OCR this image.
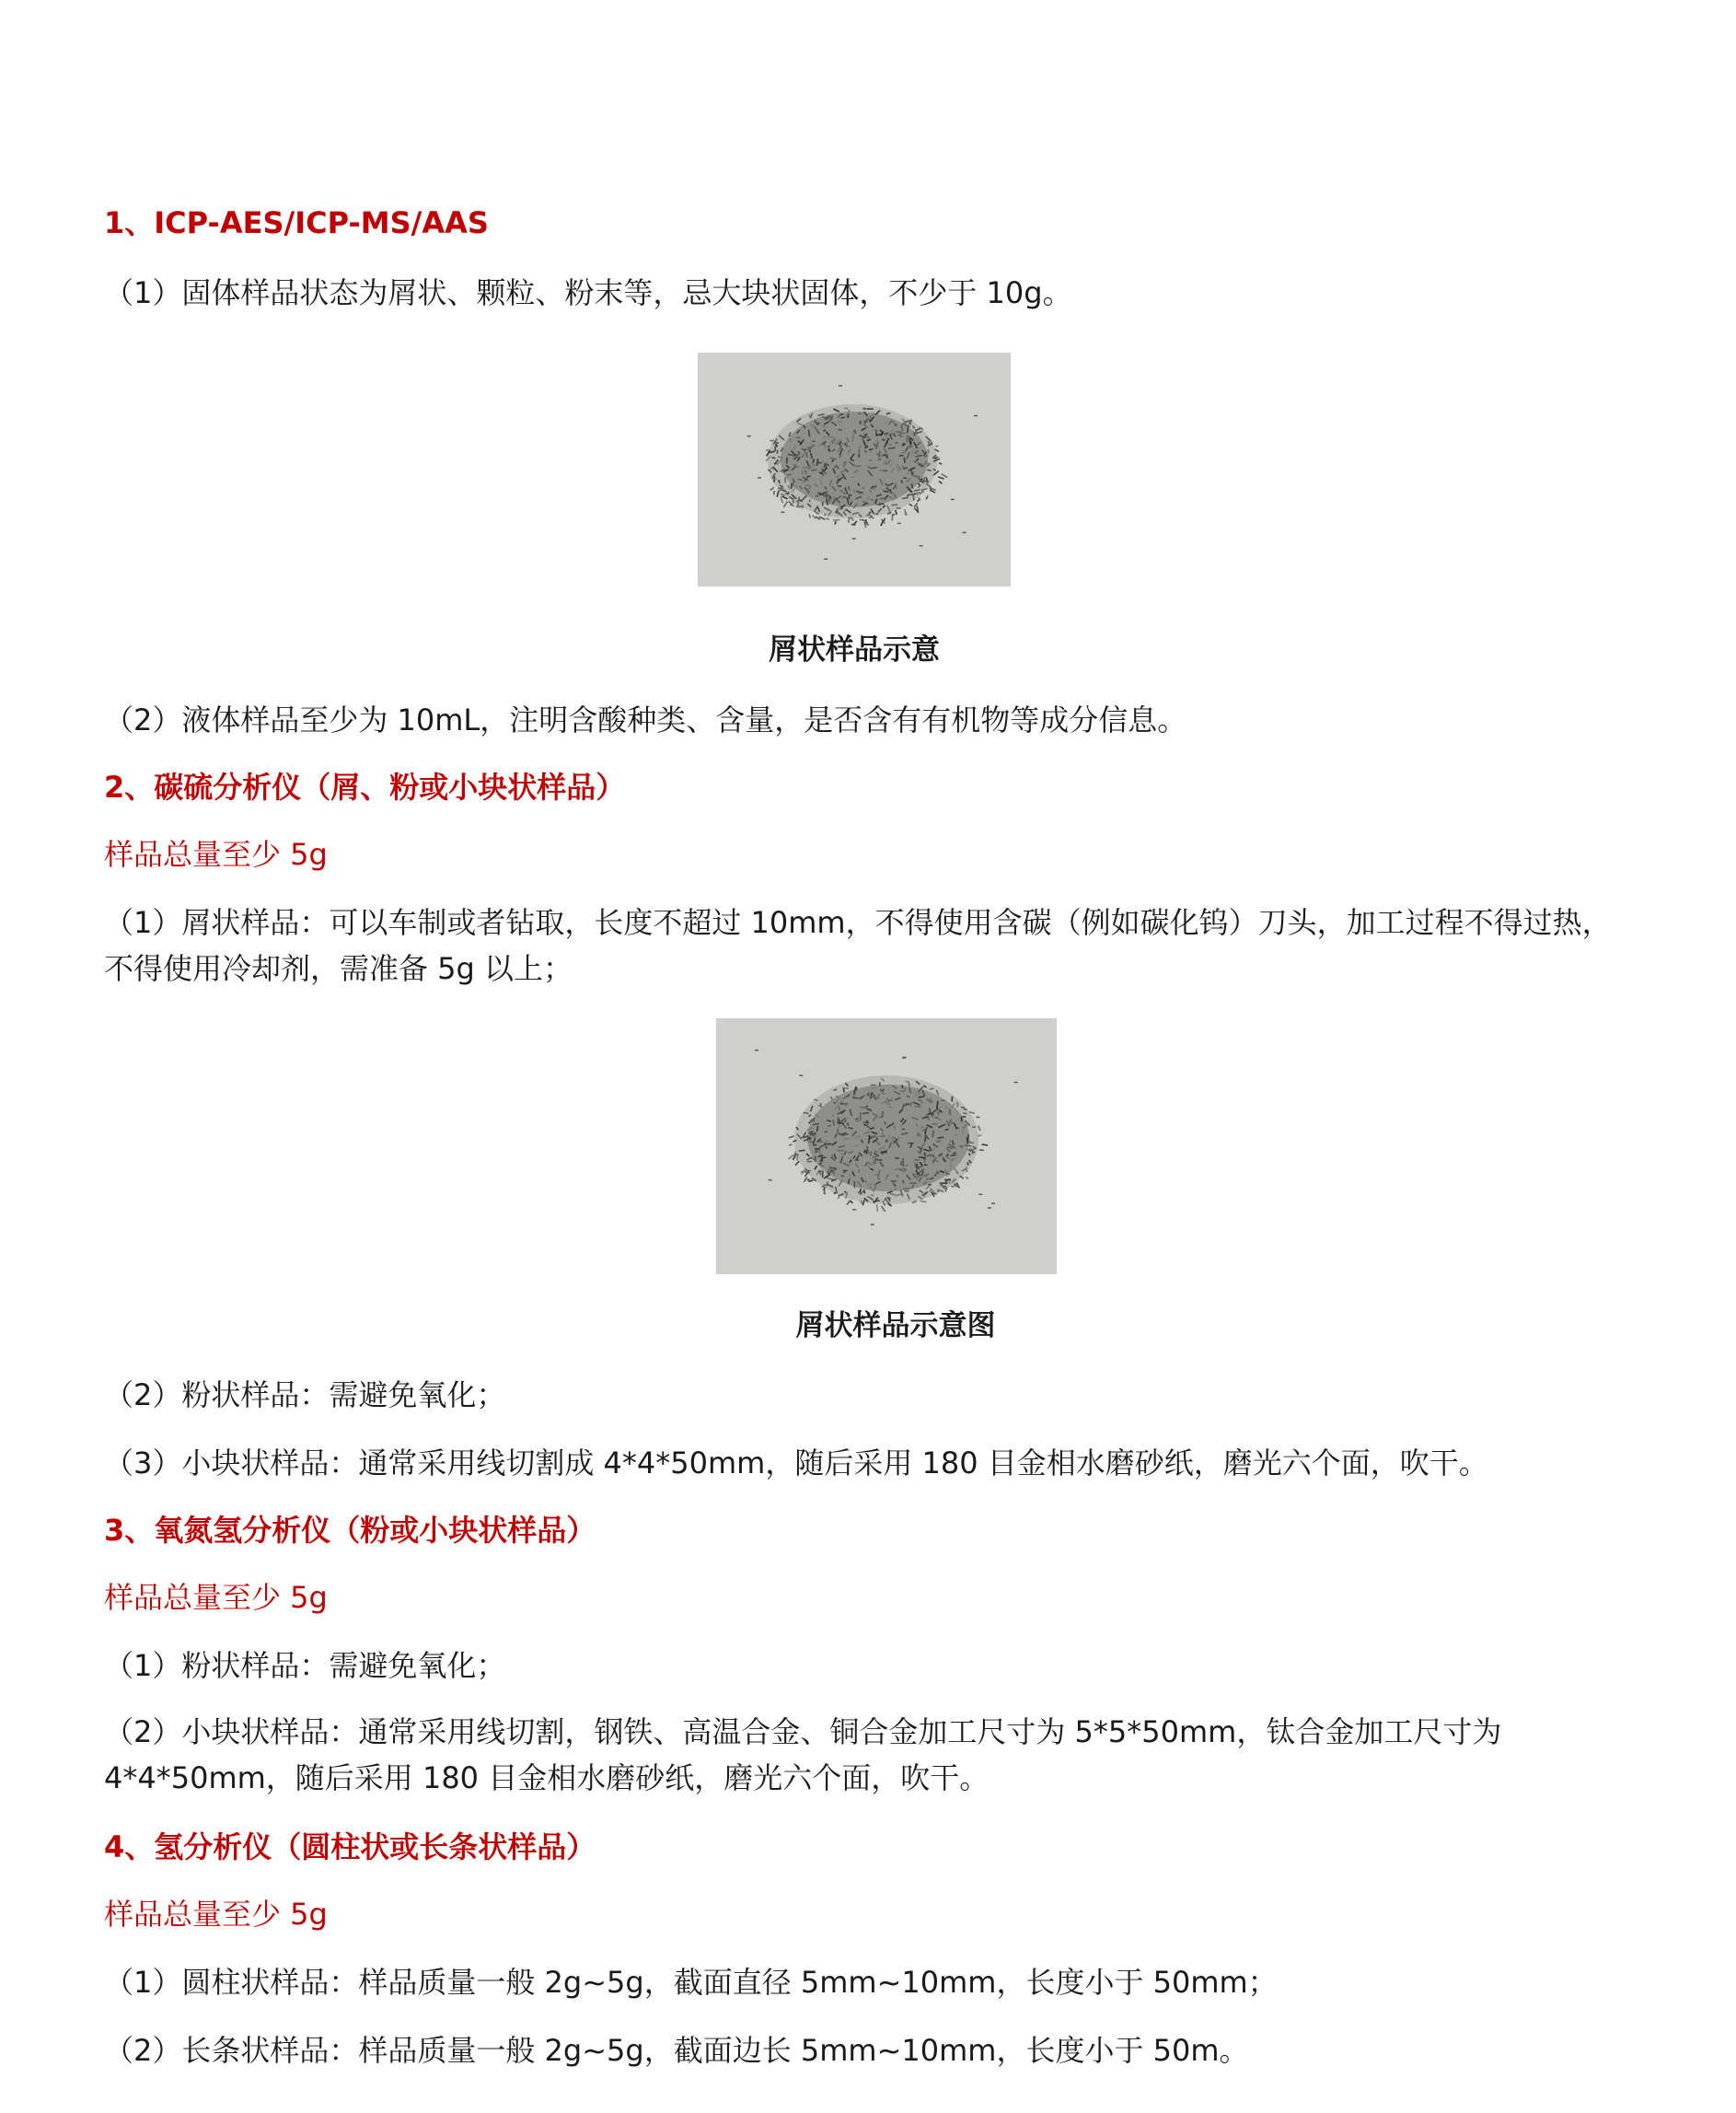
1、ICP-AES/ICP-MS/AAS
（1）固体样品状态为屑状、颗粒、粉末等，忌大块状固体，不少于 10g。
屑状样品示意
（2）液体样品至少为 10mL，注明含酸种类、含量，是否含有有机物等成分信息。
2、碳硫分析仪（屑、粉或小块状样品）
样品总量至少 5g
（1）屑状样品：可以车制或者钻取，长度不超过 10mm，不得使用含碳（例如碳化钨）刀头，加工过程不得过热，不得使用冷却剂，需准备 5g 以上；
屑状样品示意图
（2）粉状样品：需避免氧化；
（3）小块状样品：通常采用线切割成 4*4*50mm，随后采用 180 目金相水磨砂纸，磨光六个面，吹干。
3、氧氮氢分析仪（粉或小块状样品）
样品总量至少 5g
（1）粉状样品：需避免氧化；
（2）小块状样品：通常采用线切割，钢铁、高温合金、铜合金加工尺寸为 5*5*50mm，钛合金加工尺寸为 4*4*50mm，随后采用 180 目金相水磨砂纸，磨光六个面，吹干。
4、氢分析仪（圆柱状或长条状样品）
样品总量至少 5g
（1）圆柱状样品：样品质量一般 2g~5g，截面直径 5mm~10mm，长度小于 50mm；
（2）长条状样品：样品质量一般 2g~5g，截面边长 5mm~10mm，长度小于 50m。
